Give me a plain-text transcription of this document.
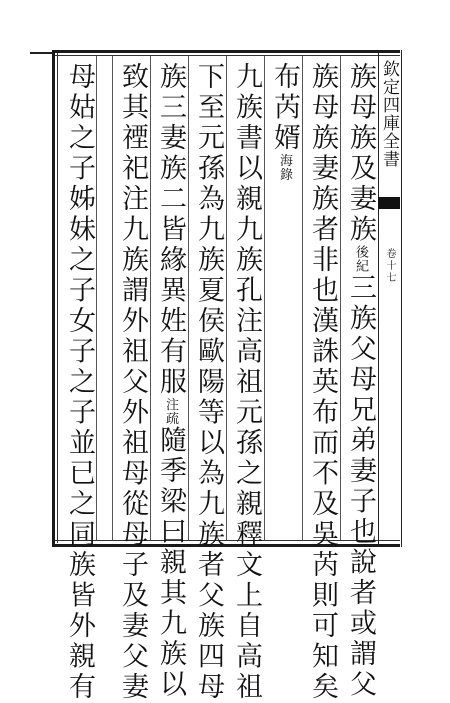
欽定四庫全書
卷十七
族母族及妻族後紀三族父母兄弟妻子也說者或謂父
族母族妻族者非也漢誅英布而不及吳芮則可知矣
布芮婿海錄
九族書以親九族孔注高祖元孫之親釋文上自高祖
下至元孫為九族夏侯歐陽等以為九族者父族四母
族三妻族二皆緣異姓有服注疏隨季梁曰親其九族以
致其禋祀注九族謂外祖父外祖母從母子及妻父妻
母姑之子姊妹之子女子之子並已之同族皆外親有
